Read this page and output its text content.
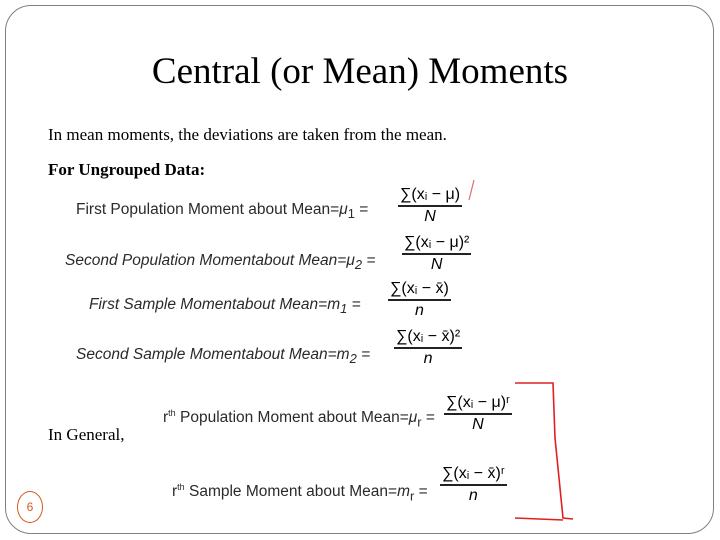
Central (or Mean) Moments
In mean moments, the deviations are taken from the mean.
For Ungrouped Data:
First Population Moment about $Mean=\mu_1$ =
∑(xᵢ − μ)
N
Second Population Momentabout $Mean=\mu_2$ =
∑(xᵢ − μ)²
N
First Sample Momentabout $Mean=m_1$ =
∑(xᵢ − x̄)
n
Second Sample Momentabout $Mean=m_2$ =
∑(xᵢ − x̄)²
n
In General,
$r^{th}$ Population Moment about $Mean=\mu_r$ =
∑(xᵢ − μ)ʳ
N
$r^{th}$ Sample Moment about $Mean=m_r$ =
∑(xᵢ − x̄)ʳ
n
6
